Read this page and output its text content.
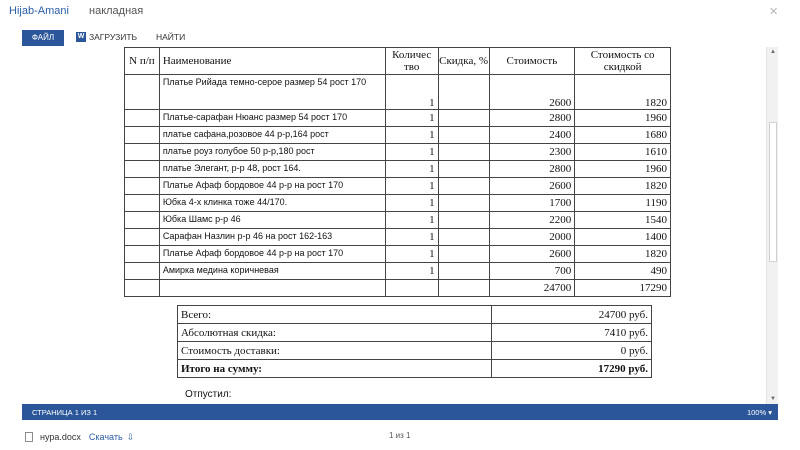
Hijab-Amani накладная	×
ФАЙЛ	W ЗАГРУЗИТЬ НАЙТИ
N п/п	Наименование	Количес тво	Скидка, %	Стоимость	Стоимость со скидкой
	Платье Рийада темно-серое размер 54 рост 170	1		2600	1820
	Платье-сарафан Нюанс размер 54 рост 170	1		2800	1960
	платье сафана,розовое 44 р-р,164 рост	1		2400	1680
	платье роуз голубое 50 р-р,180 рост	1		2300	1610
	платье Элегант, р-р 48, рост 164.	1		2800	1960
	Платье Афаф бордовое 44 р-р на рост 170	1		2600	1820
	Юбка 4-х клинка тоже 44/170.	1		1700	1190
	Юбка Шамс р-р 46	1		2200	1540
	Сарафан Назлин р-р 46 на рост 162-163	1		2000	1400
	Платье Афаф бордовое 44 р-р на рост 170	1		2600	1820
	Амирка медина коричневая	1		700	490
				24700	17290
Всего:	24700 руб.
Абсолютная скидка:	7410 руб.
Стоимость доставки:	0 руб.
Итого на сумму:	17290 руб.
Отпустил:
▲
▼
СТРАНИЦА 1 ИЗ 1	100% ▾
нура.docx Скачать ⇩	1 из 1
